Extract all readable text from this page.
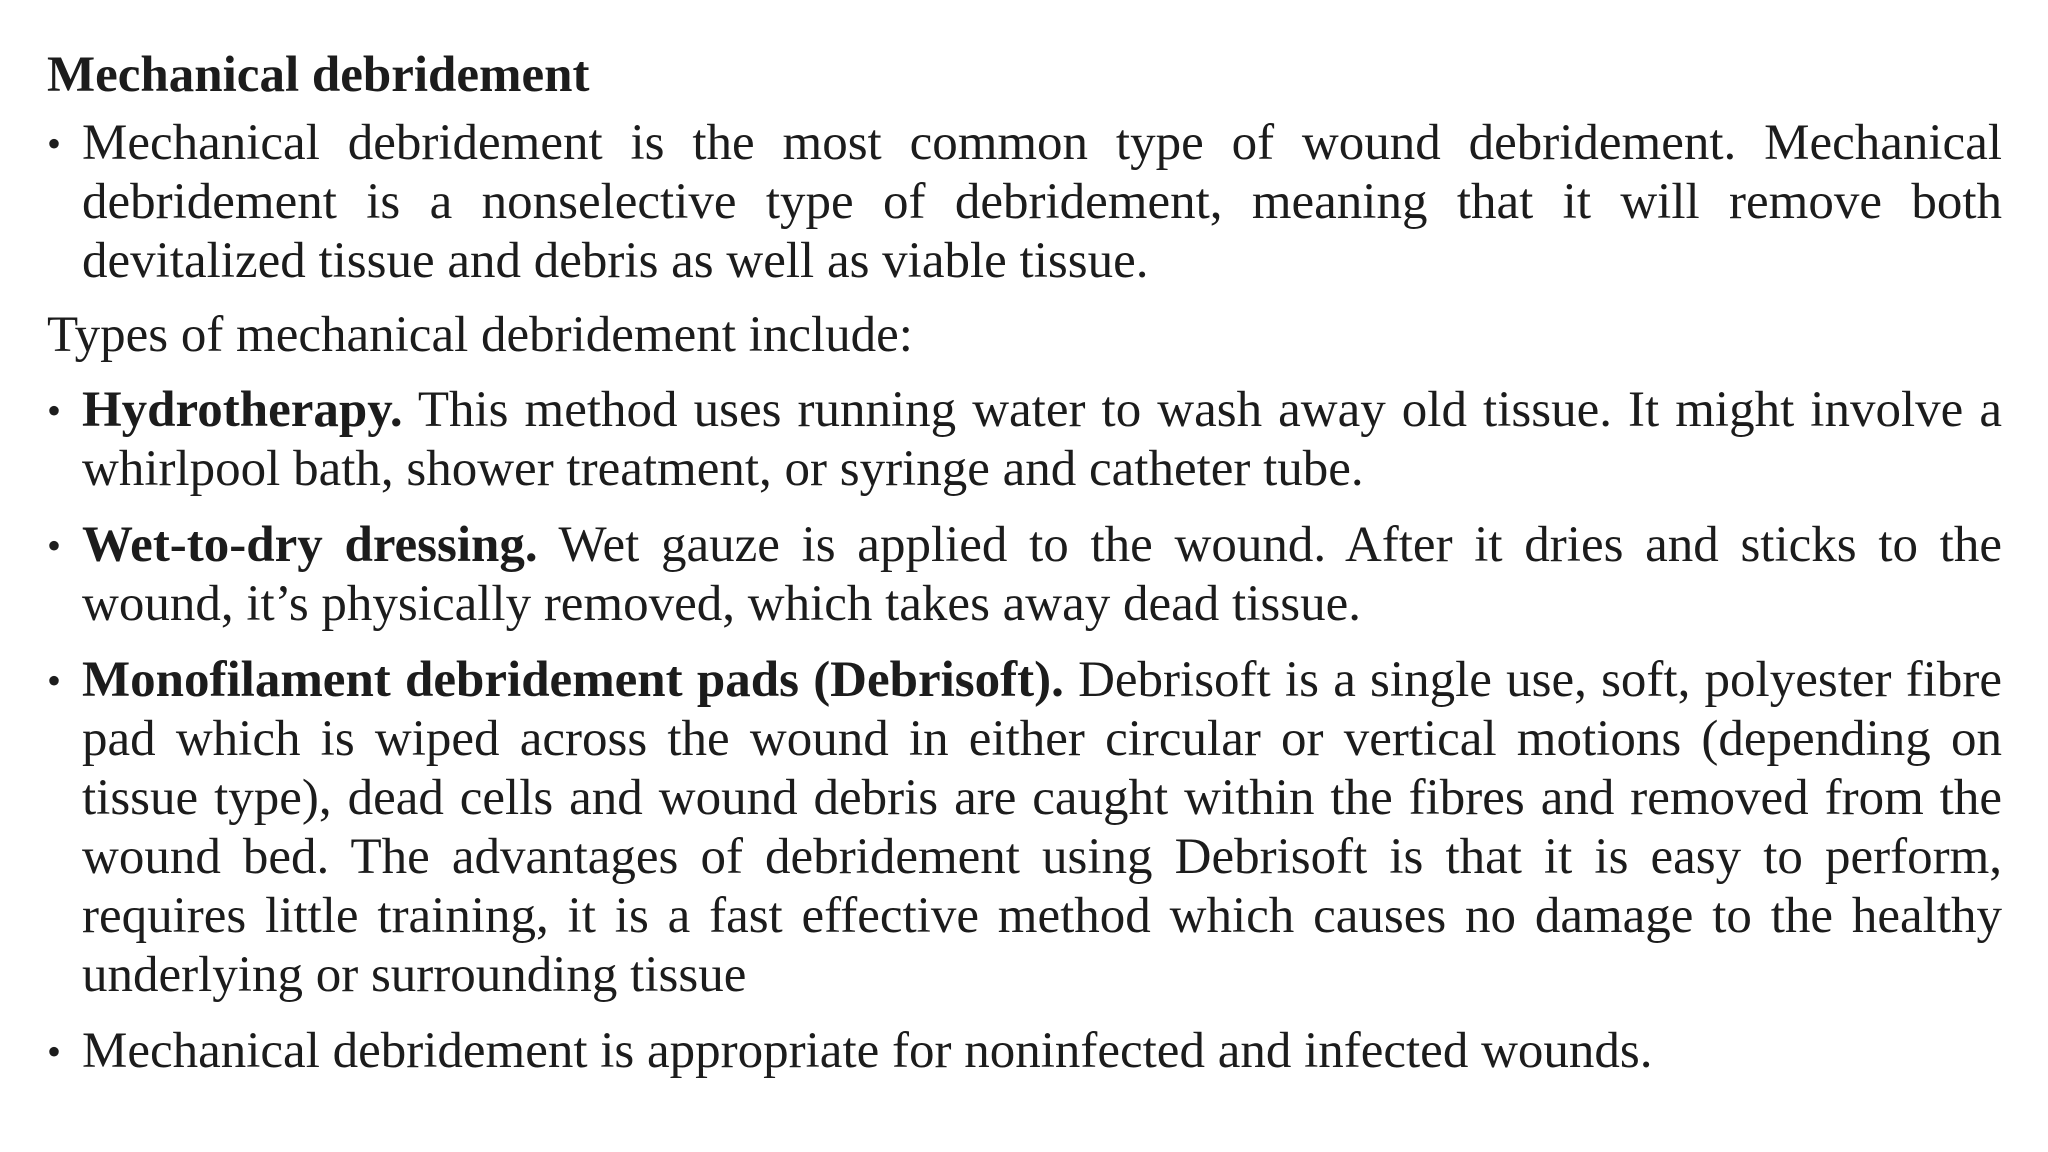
Mechanical debridement
• Mechanical debridement is the most common type of wound debridement. Mechanical debridement is a nonselective type of debridement, meaning that it will remove both devitalized tissue and debris as well as viable tissue.
Types of mechanical debridement include:
• Hydrotherapy. This method uses running water to wash away old tissue. It might involve a whirlpool bath, shower treatment, or syringe and catheter tube.
• Wet-to-dry dressing. Wet gauze is applied to the wound. After it dries and sticks to the wound, it’s physically removed, which takes away dead tissue.
• Monofilament debridement pads (Debrisoft). Debrisoft is a single use, soft, polyester fibre pad which is wiped across the wound in either circular or vertical motions (depending on tissue type), dead cells and wound debris are caught within the fibres and removed from the wound bed. The advantages of debridement using Debrisoft is that it is easy to perform, requires little training, it is a fast effective method which causes no damage to the healthy underlying or surrounding tissue
• Mechanical debridement is appropriate for noninfected and infected wounds.
